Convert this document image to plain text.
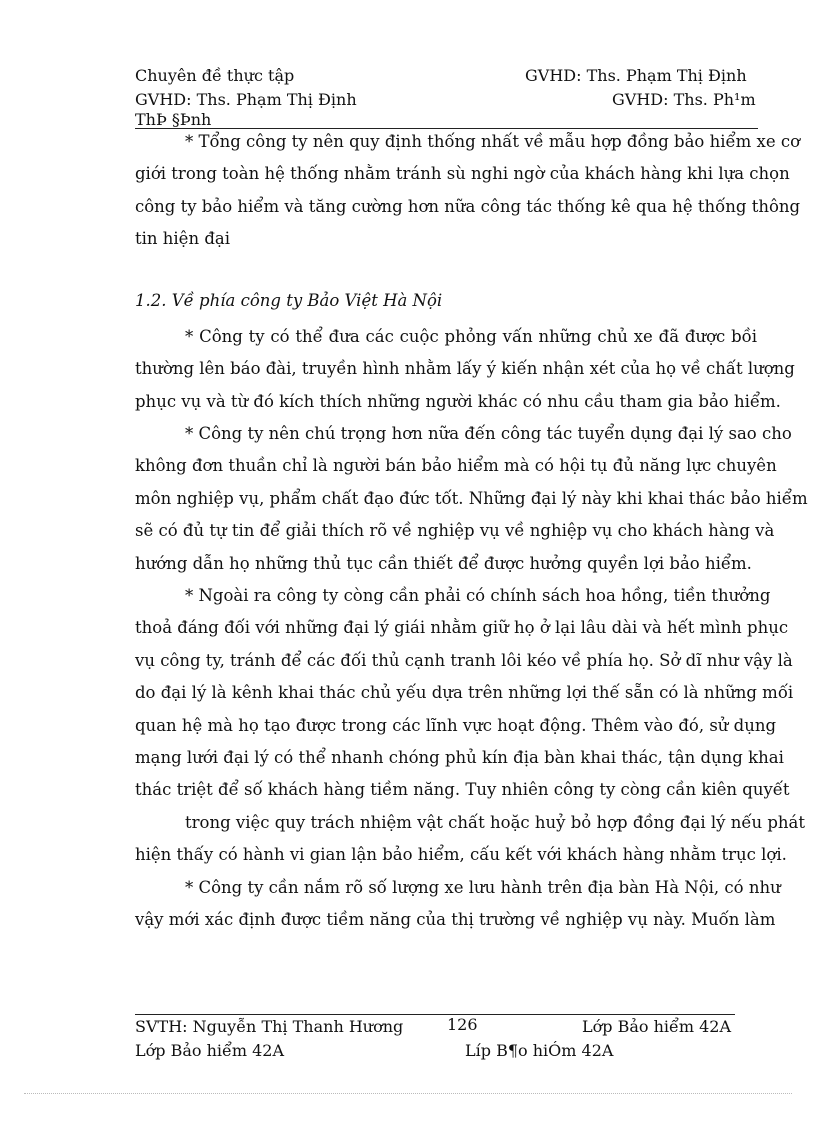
Chuyên đề thực tập	GVHD: Ths. Phạm Thị Định
GVHD: Ths. Phạm Thị Định	GVHD: Ths. Ph¹m
ThÞ §Þnh
* Tổng công ty nên quy định thống nhất về mẫu hợp đồng bảo hiểm xe cơ
giới trong toàn hệ thống nhằm tránh sù nghi ngờ của khách hàng khi lựa chọn
công ty bảo hiểm và tăng cường hơn nữa công tác thống kê qua hệ thống thông
tin hiện đại
1.2. Về phía công ty Bảo Việt Hà Nội
* Công ty có thể đưa các cuộc phỏng vấn những chủ xe đã được bồi
thường lên báo đài, truyền hình nhằm lấy ý kiến nhận xét của họ về chất lượng
phục vụ và từ đó kích thích những người khác có nhu cầu tham gia bảo hiểm.
* Công ty nên chú trọng hơn nữa đến công tác tuyển dụng đại lý sao cho
không đơn thuần chỉ là người bán bảo hiểm mà có hội tụ đủ năng lực chuyên
môn nghiệp vụ, phẩm chất đạo đức tốt. Những đại lý này khi khai thác bảo hiểm
sẽ có đủ tự tin để giải thích rõ về nghiệp vụ về nghiệp vụ cho khách hàng và
hướng dẫn họ những thủ tục cần thiết để được hưởng quyền lợi bảo hiểm.
* Ngoài ra công ty còng cần phải có chính sách hoa hồng, tiền thưởng
thoả đáng đối với những đại lý giái nhằm giữ họ ở lại lâu dài và hết mình phục
vụ công ty, tránh để các đối thủ cạnh tranh lôi kéo về phía họ. Sở dĩ như vậy là
do đại lý là kênh khai thác chủ yếu dựa trên những lợi thế sẵn có là những mối
quan hệ mà họ tạo được trong các lĩnh vực hoạt động. Thêm vào đó, sử dụng
mạng lưới đại lý có thể nhanh chóng phủ kín địa bàn khai thác, tận dụng khai
thác triệt để số khách hàng tiềm năng. Tuy nhiên công ty còng cần kiên quyết
trong việc quy trách nhiệm vật chất hoặc huỷ bỏ hợp đồng đại lý nếu phát
hiện thấy có hành vi gian lận bảo hiểm, cấu kết với khách hàng nhằm trục lợi.
* Công ty cần nắm rõ số lượng xe lưu hành trên địa bàn Hà Nội, có như
vậy mới xác định được tiềm năng của thị trường về nghiệp vụ này. Muốn làm
SVTH: Nguyễn Thị Thanh Hương	126	Lớp Bảo hiểm 42A
Lớp Bảo hiểm 42A	Líp B¶o hiÓm 42A
